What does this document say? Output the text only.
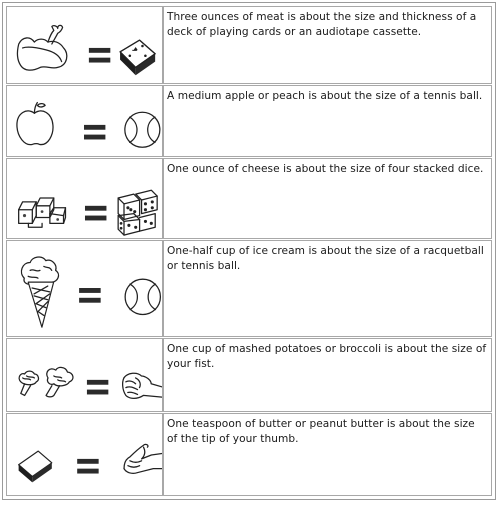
Three ounces of meat is about the size and thickness of a deck of playing cards or an audiotape cassette.
A medium apple or peach is about the size of a tennis ball.
One ounce of cheese is about the size of four stacked dice.
One-half cup of ice cream is about the size of a racquetball or tennis ball.
One cup of mashed potatoes or broccoli is about the size of your fist.
One teaspoon of butter or peanut butter is about the size of the tip of your thumb.
